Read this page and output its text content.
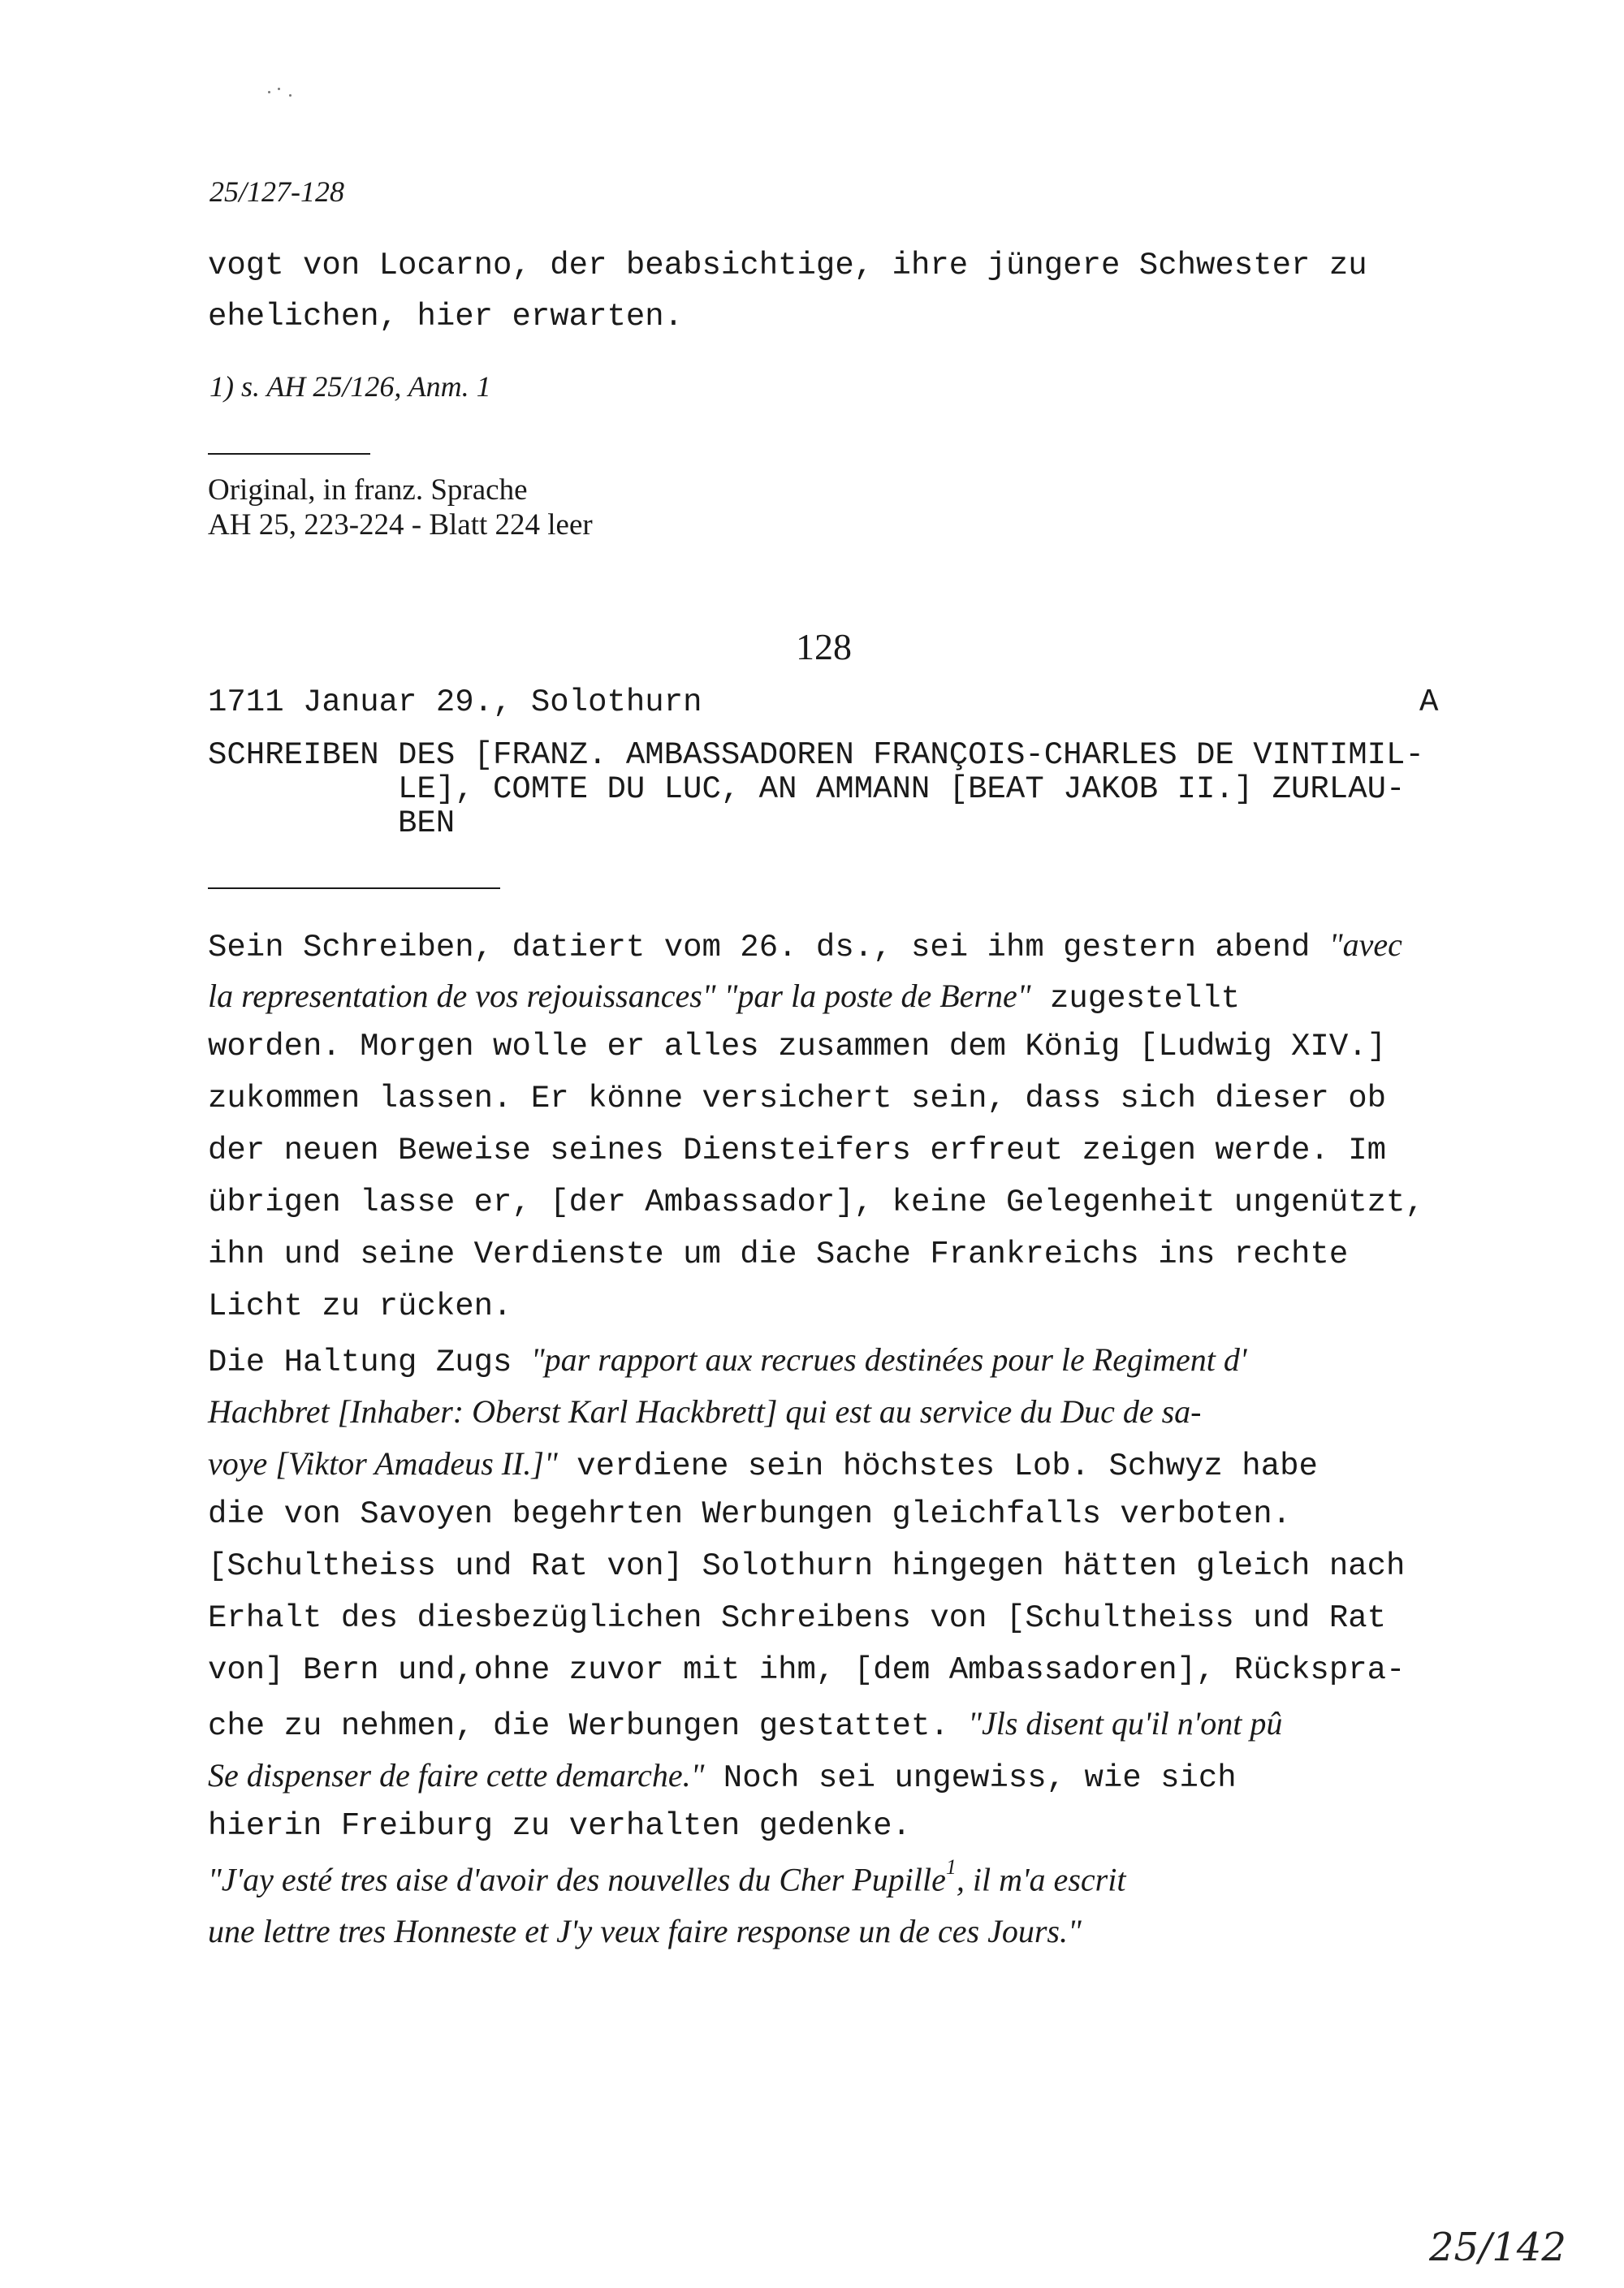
25/127-128
vogt von Locarno, der beabsichtige, ihre jüngere Schwester zu
ehelichen, hier erwarten.
1) s. AH 25/126, Anm. 1
Original, in franz. Sprache
AH 25, 223-224 - Blatt 224 leer
128
1711 Januar 29., Solothurn	A
SCHREIBEN DES [FRANZ. AMBASSADOREN FRANÇOIS-CHARLES DE VINTIMIL-
LE], COMTE DU LUC, AN AMMANN [BEAT JAKOB II.] ZURLAU-
BEN
Sein Schreiben, datiert vom 26. ds., sei ihm gestern abend "avec
la representation de vos rejouissances" "par la poste de Berne" zugestellt
worden. Morgen wolle er alles zusammen dem König [Ludwig XIV.]
zukommen lassen. Er könne versichert sein, dass sich dieser ob
der neuen Beweise seines Diensteifers erfreut zeigen werde. Im
übrigen lasse er, [der Ambassador], keine Gelegenheit ungenützt,
ihn und seine Verdienste um die Sache Frankreichs ins rechte
Licht zu rücken.
Die Haltung Zugs "par rapport aux recrues destinées pour le Regiment d'
Hachbret [Inhaber: Oberst Karl Hackbrett] qui est au service du Duc de sa-
voye [Viktor Amadeus II.]" verdiene sein höchstes Lob. Schwyz habe
die von Savoyen begehrten Werbungen gleichfalls verboten.
[Schultheiss und Rat von] Solothurn hingegen hätten gleich nach
Erhalt des diesbezüglichen Schreibens von [Schultheiss und Rat
von] Bern und,ohne zuvor mit ihm, [dem Ambassadoren], Rückspra-
che zu nehmen, die Werbungen gestattet. "Jls disent qu'il n'ont pû
Se dispenser de faire cette demarche." Noch sei ungewiss, wie sich
hierin Freiburg zu verhalten gedenke.
"J'ay esté tres aise d'avoir des nouvelles du Cher Pupille$^1$, il m'a escrit
une lettre tres Honneste et J'y veux faire response un de ces Jours."
25/142
